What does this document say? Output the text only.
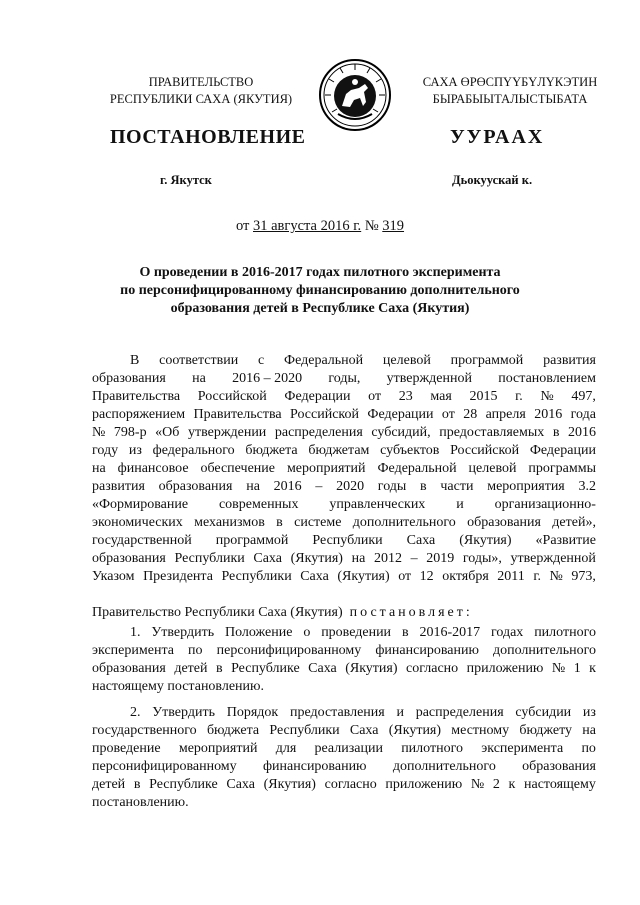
ПРАВИТЕЛЬСТВО
РЕСПУБЛИКИ САХА (ЯКУТИЯ)
САХА ӨРӨСПҮҮБҮЛҮКЭТИН
БЫРАБЫЫТАЛЫСТЫБАТА
ПОСТАНОВЛЕНИЕ	УУРААХ
г. Якутск	Дьокуускай к.
от 31 августа 2016 г. № 319
О проведении в 2016-2017 годах пилотного эксперимента
по персонифицированному финансированию дополнительного
образования детей в Республике Саха (Якутия)
В соответствии с Федеральной целевой программой развития
образования на 2016 – 2020 годы, утвержденной постановлением
Правительства Российской Федерации от 23 мая 2015 г. № 497,
распоряжением Правительства Российской Федерации от 28 апреля 2016 года
№ 798-р «Об утверждении распределения субсидий, предоставляемых в 2016
году из федерального бюджета бюджетам субъектов Российской Федерации
на финансовое обеспечение мероприятий Федеральной целевой программы
развития образования на 2016 – 2020 годы в части мероприятия 3.2
«Формирование современных управленческих и организационно-
экономических механизмов в системе дополнительного образования детей»,
государственной программой Республики Саха (Якутия) «Развитие
образования Республики Саха (Якутия) на 2012 – 2019 годы», утвержденной
Указом Президента Республики Саха (Якутия) от 12 октября 2011 г. № 973,
Правительство Республики Саха (Якутия) постановляет:
1. Утвердить Положение о проведении в 2016-2017 годах пилотного
эксперимента по персонифицированному финансированию дополнительного
образования детей в Республике Саха (Якутия) согласно приложению № 1 к
настоящему постановлению.
2. Утвердить Порядок предоставления и распределения субсидии из
государственного бюджета Республики Саха (Якутия) местному бюджету на
проведение мероприятий для реализации пилотного эксперимента по
персонифицированному финансированию дополнительного образования
детей в Республике Саха (Якутия) согласно приложению № 2 к настоящему
постановлению.
